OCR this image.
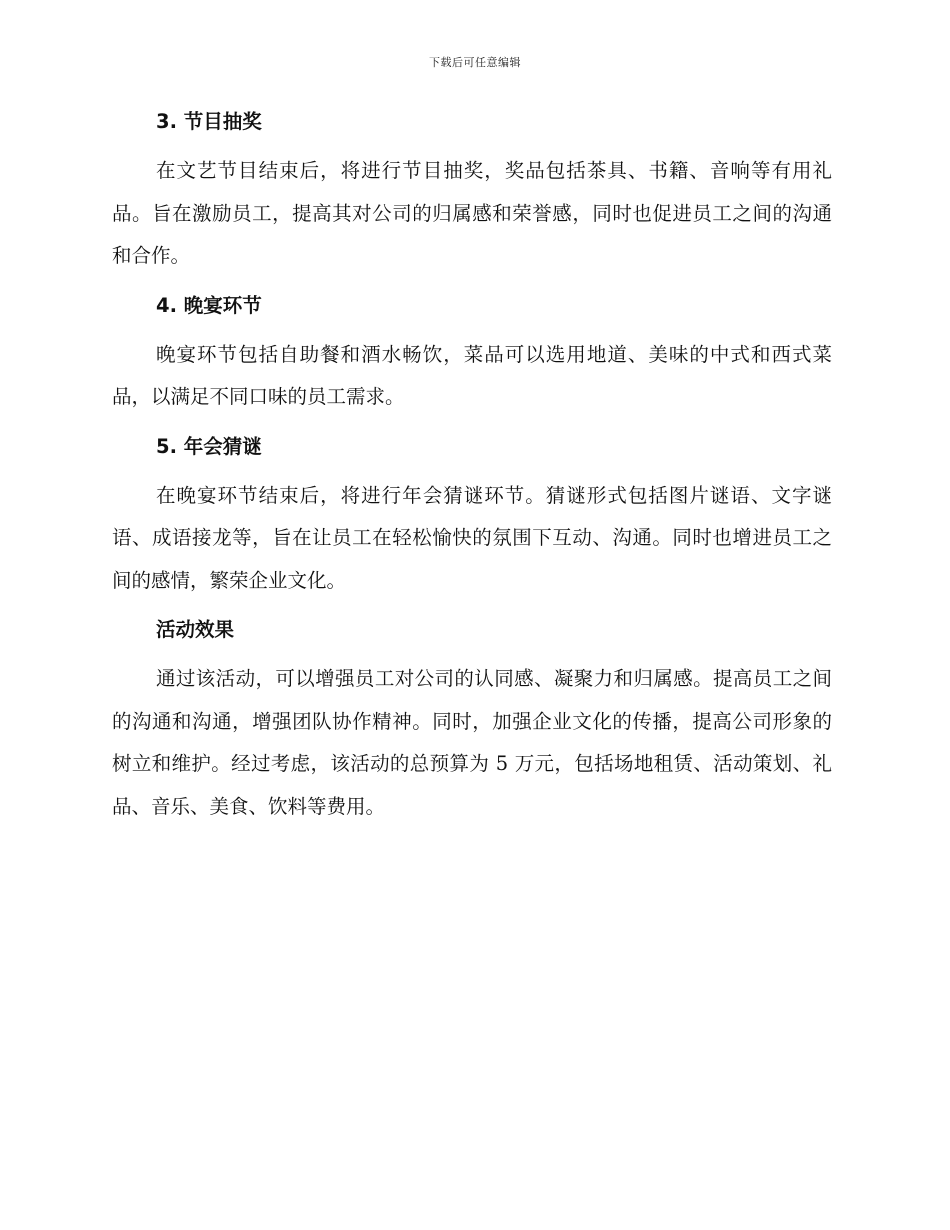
下载后可任意编辑
3. 节目抽奖

在文艺节目结束后，将进行节目抽奖，奖品包括茶具、书籍、音响等有用礼品。旨在激励员工，提高其对公司的归属感和荣誉感，同时也促进员工之间的沟通和合作。

4. 晚宴环节

晚宴环节包括自助餐和酒水畅饮，菜品可以选用地道、美味的中式和西式菜品，以满足不同口味的员工需求。

5. 年会猜谜

在晚宴环节结束后，将进行年会猜谜环节。猜谜形式包括图片谜语、文字谜语、成语接龙等，旨在让员工在轻松愉快的氛围下互动、沟通。同时也增进员工之间的感情，繁荣企业文化。

活动效果

通过该活动，可以增强员工对公司的认同感、凝聚力和归属感。提高员工之间的沟通和沟通，增强团队协作精神。同时，加强企业文化的传播，提高公司形象的树立和维护。经过考虑，该活动的总预算为 5 万元，包括场地租赁、活动策划、礼品、音乐、美食、饮料等费用。
